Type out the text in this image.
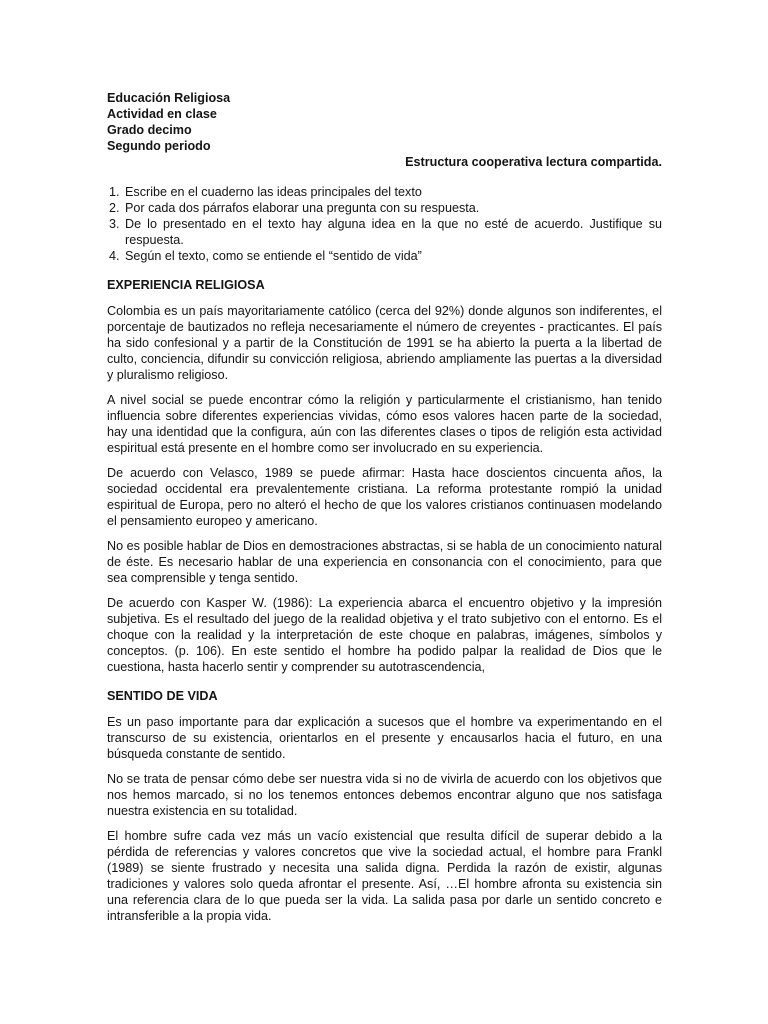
Educación Religiosa

Actividad en clase

Grado decimo

Segundo periodo

Estructura cooperativa lectura compartida.

1. Escribe en el cuaderno las ideas principales del texto
2. Por cada dos párrafos elaborar una pregunta con su respuesta.
3. De lo presentado en el texto hay alguna idea en la que no esté de acuerdo. Justifique su respuesta.
4. Según el texto, como se entiende el “sentido de vida”

EXPERIENCIA RELIGIOSA

Colombia es un país mayoritariamente católico (cerca del 92%) donde algunos son indiferentes, el porcentaje de bautizados no refleja necesariamente el número de creyentes - practicantes. El país ha sido confesional y a partir de la Constitución de 1991 se ha abierto la puerta a la libertad de culto, conciencia, difundir su convicción religiosa, abriendo ampliamente las puertas a la diversidad y pluralismo religioso.

A nivel social se puede encontrar cómo la religión y particularmente el cristianismo, han tenido influencia sobre diferentes experiencias vividas, cómo esos valores hacen parte de la sociedad, hay una identidad que la configura, aún con las diferentes clases o tipos de religión esta actividad espiritual está presente en el hombre como ser involucrado en su experiencia.

De acuerdo con Velasco, 1989 se puede afirmar: Hasta hace doscientos cincuenta años, la sociedad occidental era prevalentemente cristiana. La reforma protestante rompió la unidad espiritual de Europa, pero no alteró el hecho de que los valores cristianos continuasen modelando el pensamiento europeo y americano.

No es posible hablar de Dios en demostraciones abstractas, si se habla de un conocimiento natural de éste. Es necesario hablar de una experiencia en consonancia con el conocimiento, para que sea comprensible y tenga sentido.

De acuerdo con Kasper W. (1986): La experiencia abarca el encuentro objetivo y la impresión subjetiva. Es el resultado del juego de la realidad objetiva y el trato subjetivo con el entorno. Es el choque con la realidad y la interpretación de este choque en palabras, imágenes, símbolos y conceptos. (p. 106). En este sentido el hombre ha podido palpar la realidad de Dios que le cuestiona, hasta hacerlo sentir y comprender su autotrascendencia,

SENTIDO DE VIDA

Es un paso importante para dar explicación a sucesos que el hombre va experimentando en el transcurso de su existencia, orientarlos en el presente y encausarlos hacia el futuro, en una búsqueda constante de sentido.

No se trata de pensar cómo debe ser nuestra vida si no de vivirla de acuerdo con los objetivos que nos hemos marcado, si no los tenemos entonces debemos encontrar alguno que nos satisfaga nuestra existencia en su totalidad.

El hombre sufre cada vez más un vacío existencial que resulta difícil de superar debido a la pérdida de referencias y valores concretos que vive la sociedad actual, el hombre para Frankl (1989) se siente frustrado y necesita una salida digna. Perdida la razón de existir, algunas tradiciones y valores solo queda afrontar el presente. Así, …El hombre afronta su existencia sin una referencia clara de lo que pueda ser la vida. La salida pasa por darle un sentido concreto e intransferible a la propia vida.
